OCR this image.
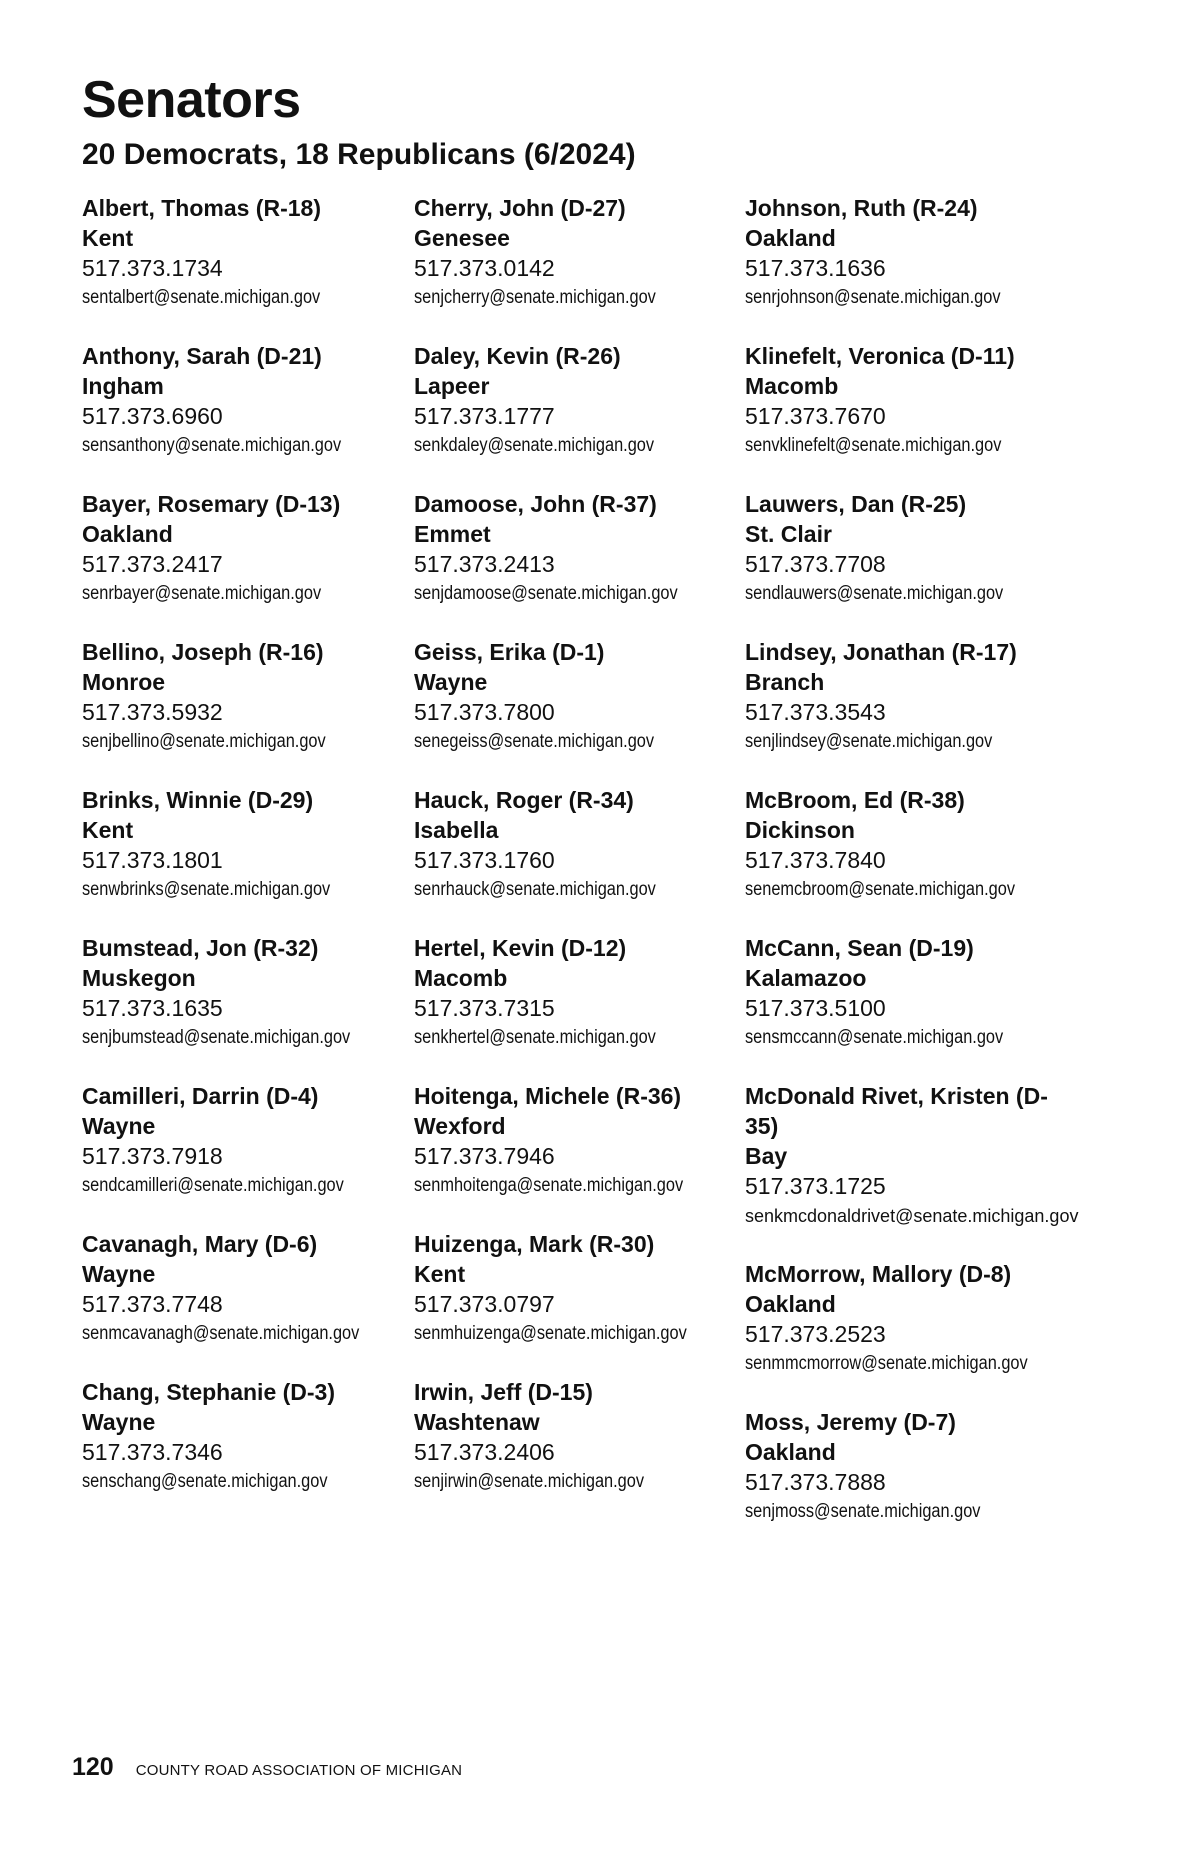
Senators
20 Democrats, 18 Republicans (6/2024)
Albert, Thomas (R-18)
Kent
517.373.1734
sentalbert@senate.michigan.gov
Anthony, Sarah (D-21)
Ingham
517.373.6960
sensanthony@senate.michigan.gov
Bayer, Rosemary (D-13)
Oakland
517.373.2417
senrbayer@senate.michigan.gov
Bellino, Joseph (R-16)
Monroe
517.373.5932
senjbellino@senate.michigan.gov
Brinks, Winnie (D-29)
Kent
517.373.1801
senwbrinks@senate.michigan.gov
Bumstead, Jon (R-32)
Muskegon
517.373.1635
senjbumstead@senate.michigan.gov
Camilleri, Darrin (D-4)
Wayne
517.373.7918
sendcamilleri@senate.michigan.gov
Cavanagh, Mary (D-6)
Wayne
517.373.7748
senmcavanagh@senate.michigan.gov
Chang, Stephanie (D-3)
Wayne
517.373.7346
senschang@senate.michigan.gov
Cherry, John (D-27)
Genesee
517.373.0142
senjcherry@senate.michigan.gov
Daley, Kevin (R-26)
Lapeer
517.373.1777
senkdaley@senate.michigan.gov
Damoose, John (R-37)
Emmet
517.373.2413
senjdamoose@senate.michigan.gov
Geiss, Erika (D-1)
Wayne
517.373.7800
senegeiss@senate.michigan.gov
Hauck, Roger (R-34)
Isabella
517.373.1760
senrhauck@senate.michigan.gov
Hertel, Kevin (D-12)
Macomb
517.373.7315
senkhertel@senate.michigan.gov
Hoitenga, Michele (R-36)
Wexford
517.373.7946
senmhoitenga@senate.michigan.gov
Huizenga, Mark (R-30)
Kent
517.373.0797
senmhuizenga@senate.michigan.gov
Irwin, Jeff (D-15)
Washtenaw
517.373.2406
senjirwin@senate.michigan.gov
Johnson, Ruth (R-24)
Oakland
517.373.1636
senrjohnson@senate.michigan.gov
Klinefelt, Veronica (D-11)
Macomb
517.373.7670
senvklinefelt@senate.michigan.gov
Lauwers, Dan (R-25)
St. Clair
517.373.7708
sendlauwers@senate.michigan.gov
Lindsey, Jonathan (R-17)
Branch
517.373.3543
senjlindsey@senate.michigan.gov
McBroom, Ed (R-38)
Dickinson
517.373.7840
senemcbroom@senate.michigan.gov
McCann, Sean (D-19)
Kalamazoo
517.373.5100
sensmccann@senate.michigan.gov
McDonald Rivet, Kristen (D-35)
Bay
517.373.1725
senkmcdonaldrivet@senate.michigan.gov
McMorrow, Mallory (D-8)
Oakland
517.373.2523
senmmcmorrow@senate.michigan.gov
Moss, Jeremy (D-7)
Oakland
517.373.7888
senjmoss@senate.michigan.gov
120 COUNTY ROAD ASSOCIATION OF MICHIGAN
